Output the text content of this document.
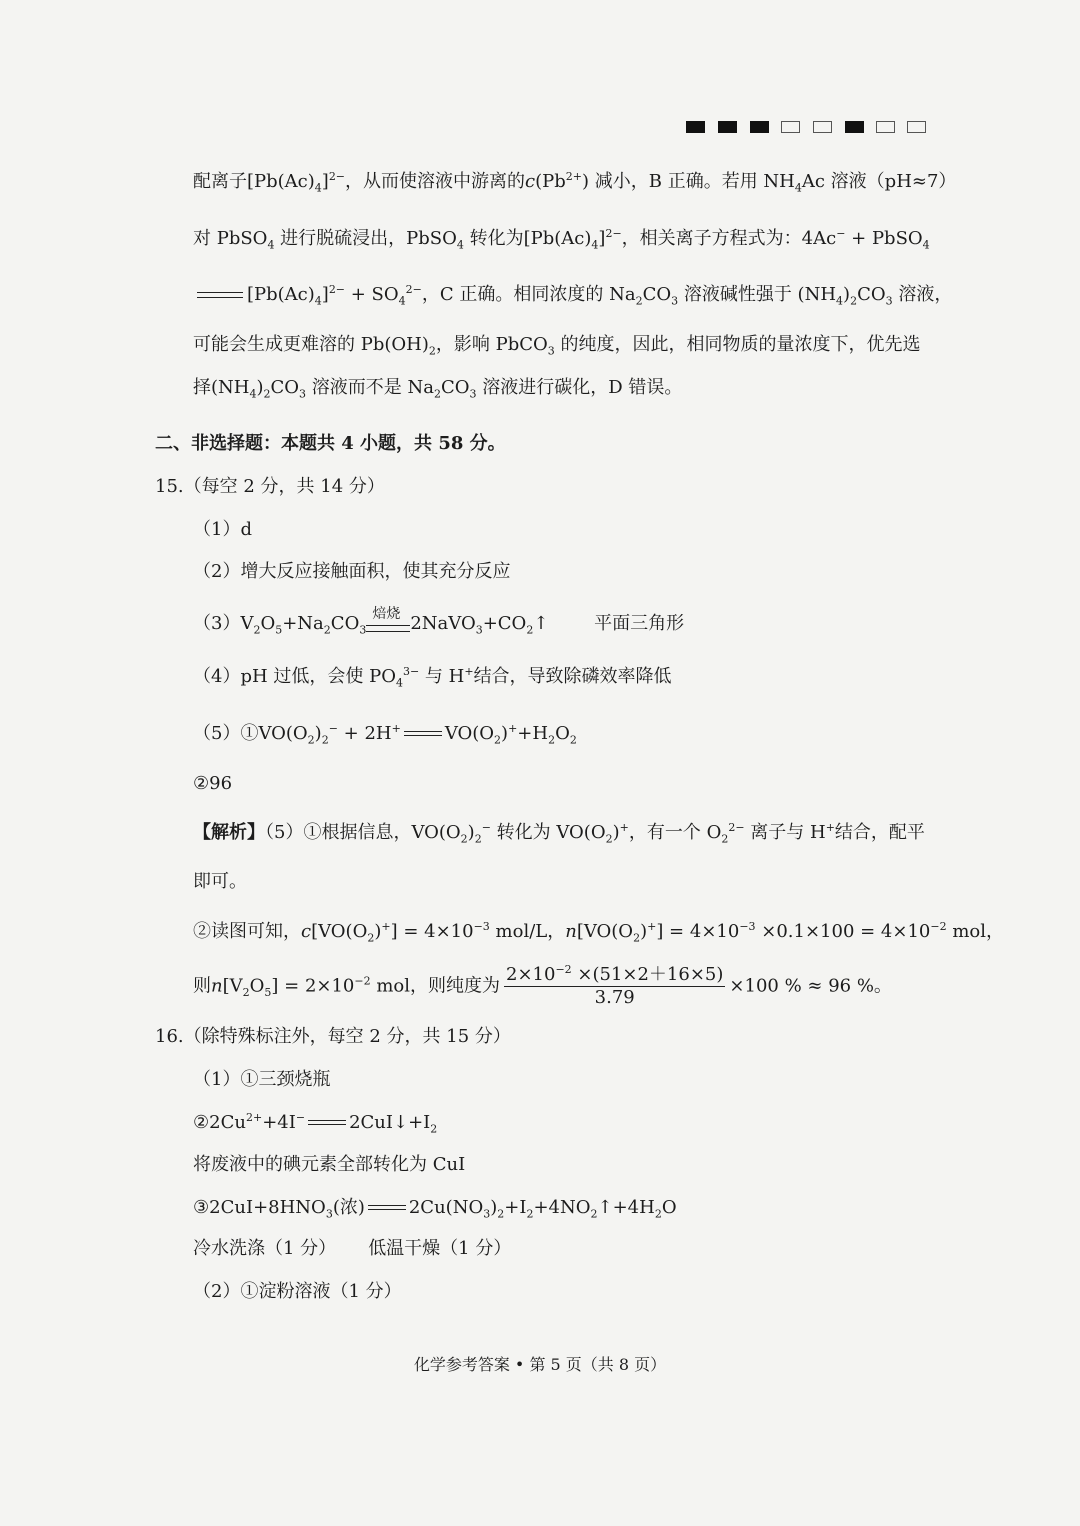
配离子$[Pb(Ac)_4]^{2-}$，从而使溶液中游离的$c(Pb^{2+})$ 减小，B 正确。若用 $NH_4Ac$ 溶液（pH≈7）
对 PbSO$_4$ 进行脱硫浸出，PbSO$_4$ 转化为$[Pb(Ac)_4]^{2-}$，相关离子方程式为：4Ac− + PbSO$_4$
$[Pb(Ac)_4]^{2-} + SO_4^{2-}$，C 正确。相同浓度的 $Na_2CO_3$ 溶液碱性强于 $(NH_4)_2CO_3$ 溶液，
可能会生成更难溶的 $Pb(OH)_2$，影响 PbCO$_3$ 的纯度，因此，相同物质的量浓度下，优先选
择$(NH_4)_2CO_3$ 溶液而不是 $Na_2CO_3$ 溶液进行碳化，D 错误。
二、非选择题：本题共 4 小题，共 58 分。
15.（每空 2 分，共 14 分）
（1）d
（2）增大反应接触面积，使其充分反应
$(3)V_2O_5+Na_2CO_3$
焙烧 $2NaVO_3+CO_2↑$	平面三角形
（4）pH 过低，会使 $PO_4^{3-}$ 与 H+结合，导致除磷效率降低
$(5)①VO(O_2)_2^- + 2H^+$ $VO(O_2)^++H_2O_2$
②96
【解析】（5）①根据信息，$VO(O_2)_2^-$ 转化为 $VO(O_2)^+$，有一个 $O_2^{2-}$ 离子与 H+结合，配平
即可。
②读图可知，$c[VO(O_2)^+] = 4\times 10^{-3}$ mol/L，$n[VO(O_2)^+] = 4\times 10^{-3} \times 0.1\times 100 = 4\times 10^{-2}$ mol，
则$n[V_2O_5] = 2\times 10^{-2}$ mol，则纯度为 $\frac{2\times 10^{-2} \times(51\times 2+16\times 5)}{3.79} \times 100$ % ≈ 96 %。
16.（除特殊标注外，每空 2 分，共 15 分）
（1）①三颈烧瓶
$②2Cu^{2+}+4I^-$ $2CuI↓+I_2$
将废液中的碘元素全部转化为 CuI
$③2CuI+8HNO_3$(浓) $2Cu(NO_3)_2+I_2+4NO_2↑+4H_2O$
冷水洗涤（1 分） 低温干燥（1 分）
（2）①淀粉溶液（1 分）
化学参考答案 • 第 5 页（共 8 页）
